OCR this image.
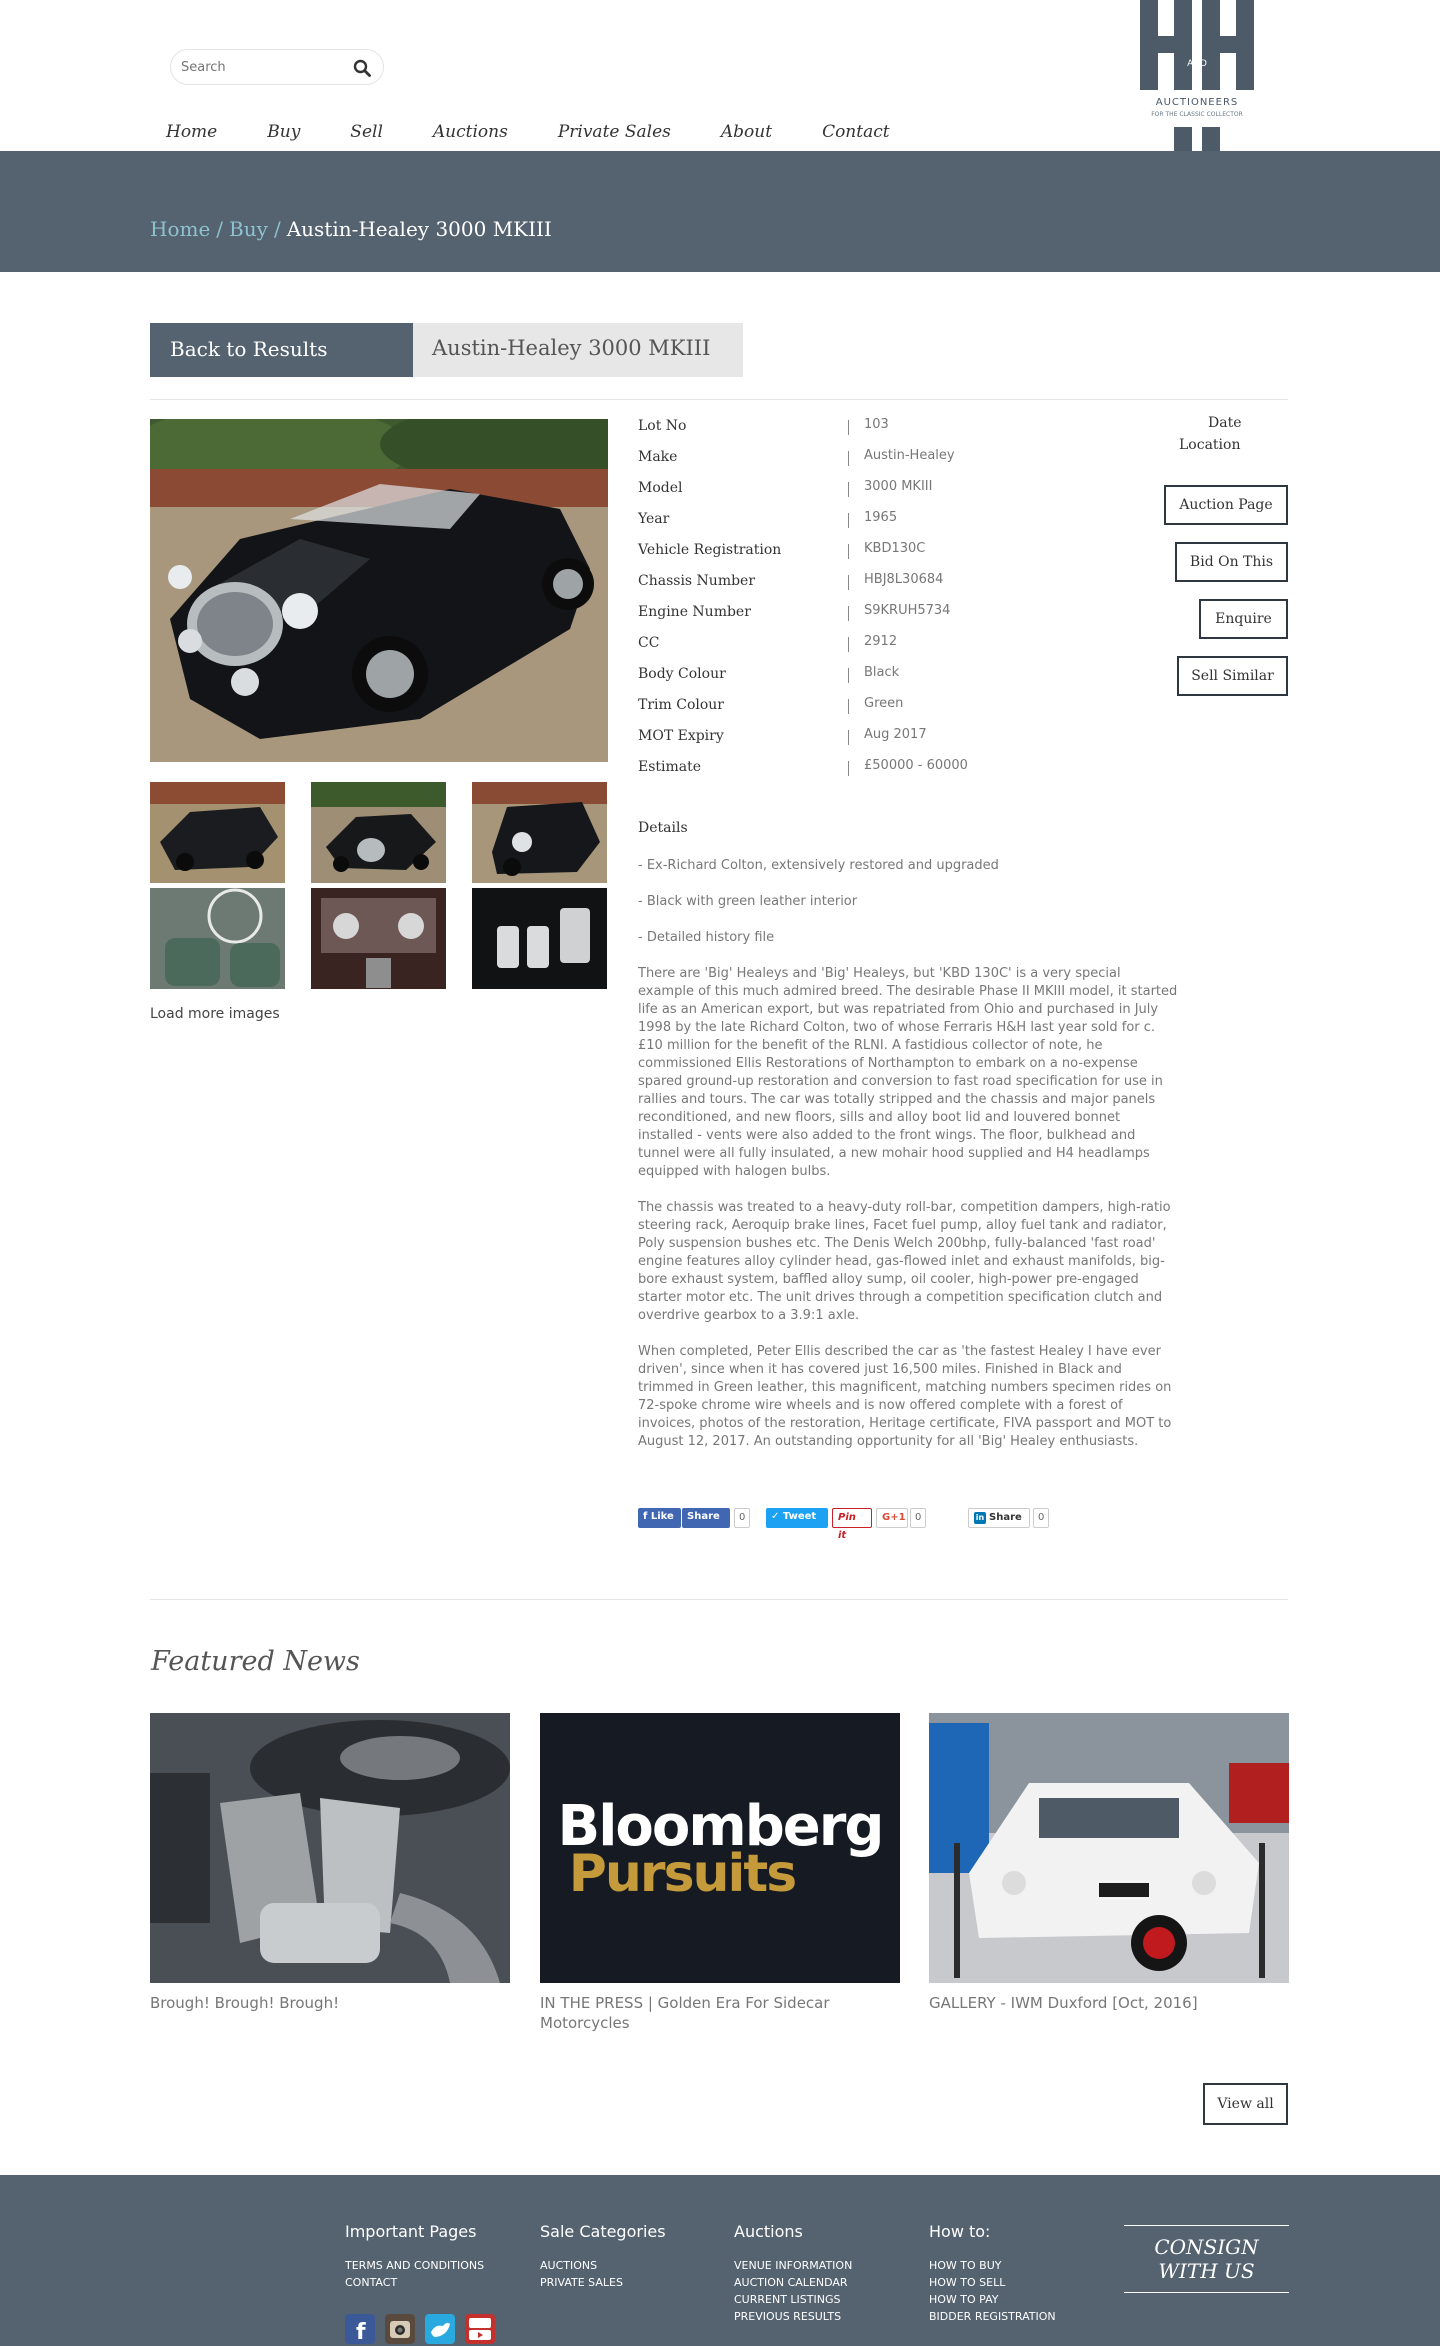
Search
Home	Buy	Sell	Auctions	Private Sales	About	Contact
AND
AUCTIONEERS
FOR THE CLASSIC COLLECTOR
Home / Buy / Austin-Healey 3000 MKIII
Back to Results	Austin-Healey 3000 MKIII
Load more images
Lot No	103
Make	Austin-Healey
Model	3000 MKIII
Year	1965
Vehicle Registration	KBD130C
Chassis Number	HBJ8L30684
Engine Number	S9KRUH5734
CC	2912
Body Colour	Black
Trim Colour	Green
MOT Expiry	Aug 2017
Estimate	£50000 - 60000
Date
Location
Auction Page
Bid On This
Enquire
Sell Similar
Details
- Ex-Richard Colton, extensively restored and upgraded
- Black with green leather interior
- Detailed history file

There are 'Big' Healeys and 'Big' Healeys, but 'KBD 130C' is a very special example of this much admired breed. The desirable Phase II MKIII model, it started life as an American export, but was repatriated from Ohio and purchased in July 1998 by the late Richard Colton, two of whose Ferraris H&H last year sold for c.£10 million for the benefit of the RLNI. A fastidious collector of note, he commissioned Ellis Restorations of Northampton to embark on a no-expense spared ground-up restoration and conversion to fast road specification for use in rallies and tours. The car was totally stripped and the chassis and major panels reconditioned, and new floors, sills and alloy boot lid and louvered bonnet installed - vents were also added to the front wings. The floor, bulkhead and tunnel were all fully insulated, a new mohair hood supplied and H4 headlamps equipped with halogen bulbs.

The chassis was treated to a heavy-duty roll-bar, competition dampers, high-ratio steering rack, Aeroquip brake lines, Facet fuel pump, alloy fuel tank and radiator, Poly suspension bushes etc. The Denis Welch 200bhp, fully-balanced 'fast road' engine features alloy cylinder head, gas-flowed inlet and exhaust manifolds, big-bore exhaust system, baffled alloy sump, oil cooler, high-power pre-engaged starter motor etc. The unit drives through a competition specification clutch and overdrive gearbox to a 3.9:1 axle.

When completed, Peter Ellis described the car as 'the fastest Healey I have ever driven', since when it has covered just 16,500 miles. Finished in Black and trimmed in Green leather, this magnificent, matching numbers specimen rides on 72-spoke chrome wire wheels and is now offered complete with a forest of invoices, photos of the restoration, Heritage certificate, FIVA passport and MOT to August 12, 2017. An outstanding opportunity for all 'Big' Healey enthusiasts.

f Like	Share	0	✓ Tweet	Pin it
G+1 0	in Share	0
Featured News
Bloomberg
Pursuits
Brough! Brough! Brough!	IN THE PRESS | Golden Era For Sidecar Motorcycles
GALLERY - IWM Duxford [Oct, 2016]
View all
Important Pages
TERMS AND CONDITIONS
CONTACT
Sale Categories
AUCTIONS
PRIVATE SALES
Auctions
VENUE INFORMATION
AUCTION CALENDAR
CURRENT LISTINGS
PREVIOUS RESULTS
How to:
HOW TO BUY
HOW TO SELL
HOW TO PAY
BIDDER REGISTRATION
CONSIGN
WITH US
f
